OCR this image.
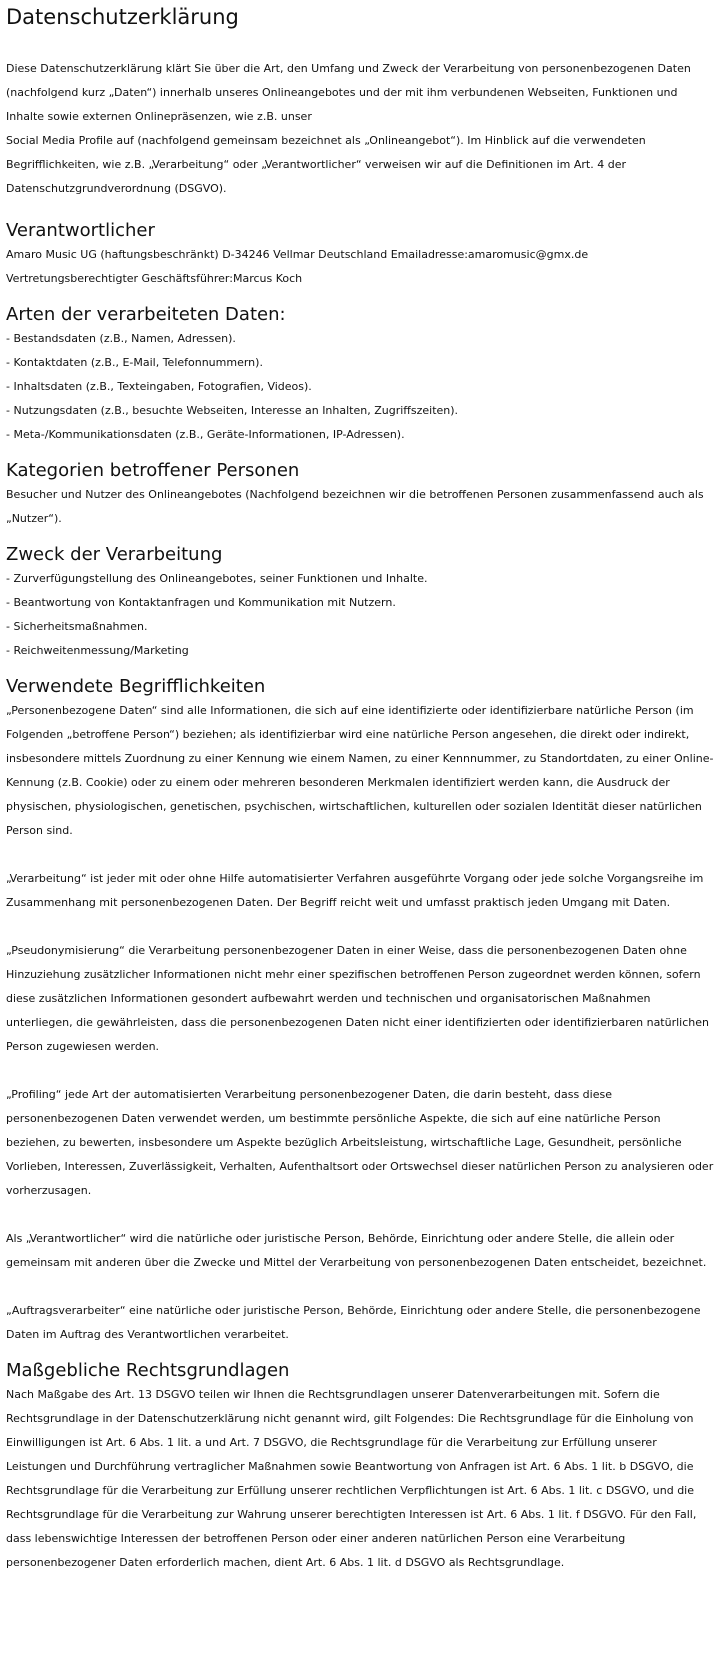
Datenschutzerklärung

Diese Datenschutzerklärung klärt Sie über die Art, den Umfang und Zweck der Verarbeitung von personenbezogenen Daten (nachfolgend kurz „Daten“) innerhalb unseres Onlineangebotes und der mit ihm verbundenen Webseiten, Funktionen und Inhalte sowie externen Onlinepräsenzen, wie z.B. unser

Social Media Profile auf (nachfolgend gemeinsam bezeichnet als „Onlineangebot“). Im Hinblick auf die verwendeten Begrifflichkeiten, wie z.B. „Verarbeitung“ oder „Verantwortlicher“ verweisen wir auf die Definitionen im Art. 4 der Datenschutzgrundverordnung (DSGVO).

Verantwortlicher

Amaro Music UG (haftungsbeschränkt) D-34246 Vellmar Deutschland Emailadresse:amaromusic@gmx.de

Vertretungsberechtigter Geschäftsführer:Marcus Koch

Arten der verarbeiteten Daten:

- Bestandsdaten (z.B., Namen, Adressen).

- Kontaktdaten (z.B., E-Mail, Telefonnummern).

- Inhaltsdaten (z.B., Texteingaben, Fotografien, Videos).

- Nutzungsdaten (z.B., besuchte Webseiten, Interesse an Inhalten, Zugriffszeiten).

- Meta-/Kommunikationsdaten (z.B., Geräte-Informationen, IP-Adressen).

Kategorien betroffener Personen

Besucher und Nutzer des Onlineangebotes (Nachfolgend bezeichnen wir die betroffenen Personen zusammenfassend auch als „Nutzer“).

Zweck der Verarbeitung

- Zurverfügungstellung des Onlineangebotes, seiner Funktionen und Inhalte.

- Beantwortung von Kontaktanfragen und Kommunikation mit Nutzern.

- Sicherheitsmaßnahmen.

- Reichweitenmessung/Marketing

Verwendete Begrifflichkeiten

„Personenbezogene Daten“ sind alle Informationen, die sich auf eine identifizierte oder identifizierbare natürliche Person (im Folgenden „betroffene Person“) beziehen; als identifizierbar wird eine natürliche Person angesehen, die direkt oder indirekt, insbesondere mittels Zuordnung zu einer Kennung wie einem Namen, zu einer Kennnummer, zu Standortdaten, zu einer Online-Kennung (z.B. Cookie) oder zu einem oder mehreren besonderen Merkmalen identifiziert werden kann, die Ausdruck der physischen, physiologischen, genetischen, psychischen, wirtschaftlichen, kulturellen oder sozialen Identität dieser natürlichen Person sind.

„Verarbeitung“ ist jeder mit oder ohne Hilfe automatisierter Verfahren ausgeführte Vorgang oder jede solche Vorgangsreihe im Zusammenhang mit personenbezogenen Daten. Der Begriff reicht weit und umfasst praktisch jeden Umgang mit Daten.

„Pseudonymisierung“ die Verarbeitung personenbezogener Daten in einer Weise, dass die personenbezogenen Daten ohne Hinzuziehung zusätzlicher Informationen nicht mehr einer spezifischen betroffenen Person zugeordnet werden können, sofern diese zusätzlichen Informationen gesondert aufbewahrt werden und technischen und organisatorischen Maßnahmen unterliegen, die gewährleisten, dass die personenbezogenen Daten nicht einer identifizierten oder identifizierbaren natürlichen Person zugewiesen werden.

„Profiling“ jede Art der automatisierten Verarbeitung personenbezogener Daten, die darin besteht, dass diese personenbezogenen Daten verwendet werden, um bestimmte persönliche Aspekte, die sich auf eine natürliche Person beziehen, zu bewerten, insbesondere um Aspekte bezüglich Arbeitsleistung, wirtschaftliche Lage, Gesundheit, persönliche Vorlieben, Interessen, Zuverlässigkeit, Verhalten, Aufenthaltsort oder Ortswechsel dieser natürlichen Person zu analysieren oder vorherzusagen.

Als „Verantwortlicher“ wird die natürliche oder juristische Person, Behörde, Einrichtung oder andere Stelle, die allein oder gemeinsam mit anderen über die Zwecke und Mittel der Verarbeitung von personenbezogenen Daten entscheidet, bezeichnet.

„Auftragsverarbeiter“ eine natürliche oder juristische Person, Behörde, Einrichtung oder andere Stelle, die personenbezogene Daten im Auftrag des Verantwortlichen verarbeitet.

Maßgebliche Rechtsgrundlagen

Nach Maßgabe des Art. 13 DSGVO teilen wir Ihnen die Rechtsgrundlagen unserer Datenverarbeitungen mit. Sofern die Rechtsgrundlage in der Datenschutzerklärung nicht genannt wird, gilt Folgendes: Die Rechtsgrundlage für die Einholung von Einwilligungen ist Art. 6 Abs. 1 lit. a und Art. 7 DSGVO, die Rechtsgrundlage für die Verarbeitung zur Erfüllung unserer Leistungen und Durchführung vertraglicher Maßnahmen sowie Beantwortung von Anfragen ist Art. 6 Abs. 1 lit. b DSGVO, die Rechtsgrundlage für die Verarbeitung zur Erfüllung unserer rechtlichen Verpflichtungen ist Art. 6 Abs. 1 lit. c DSGVO, und die Rechtsgrundlage für die Verarbeitung zur Wahrung unserer berechtigten Interessen ist Art. 6 Abs. 1 lit. f DSGVO. Für den Fall, dass lebenswichtige Interessen der betroffenen Person oder einer anderen natürlichen Person eine Verarbeitung personenbezogener Daten erforderlich machen, dient Art. 6 Abs. 1 lit. d DSGVO als Rechtsgrundlage.
